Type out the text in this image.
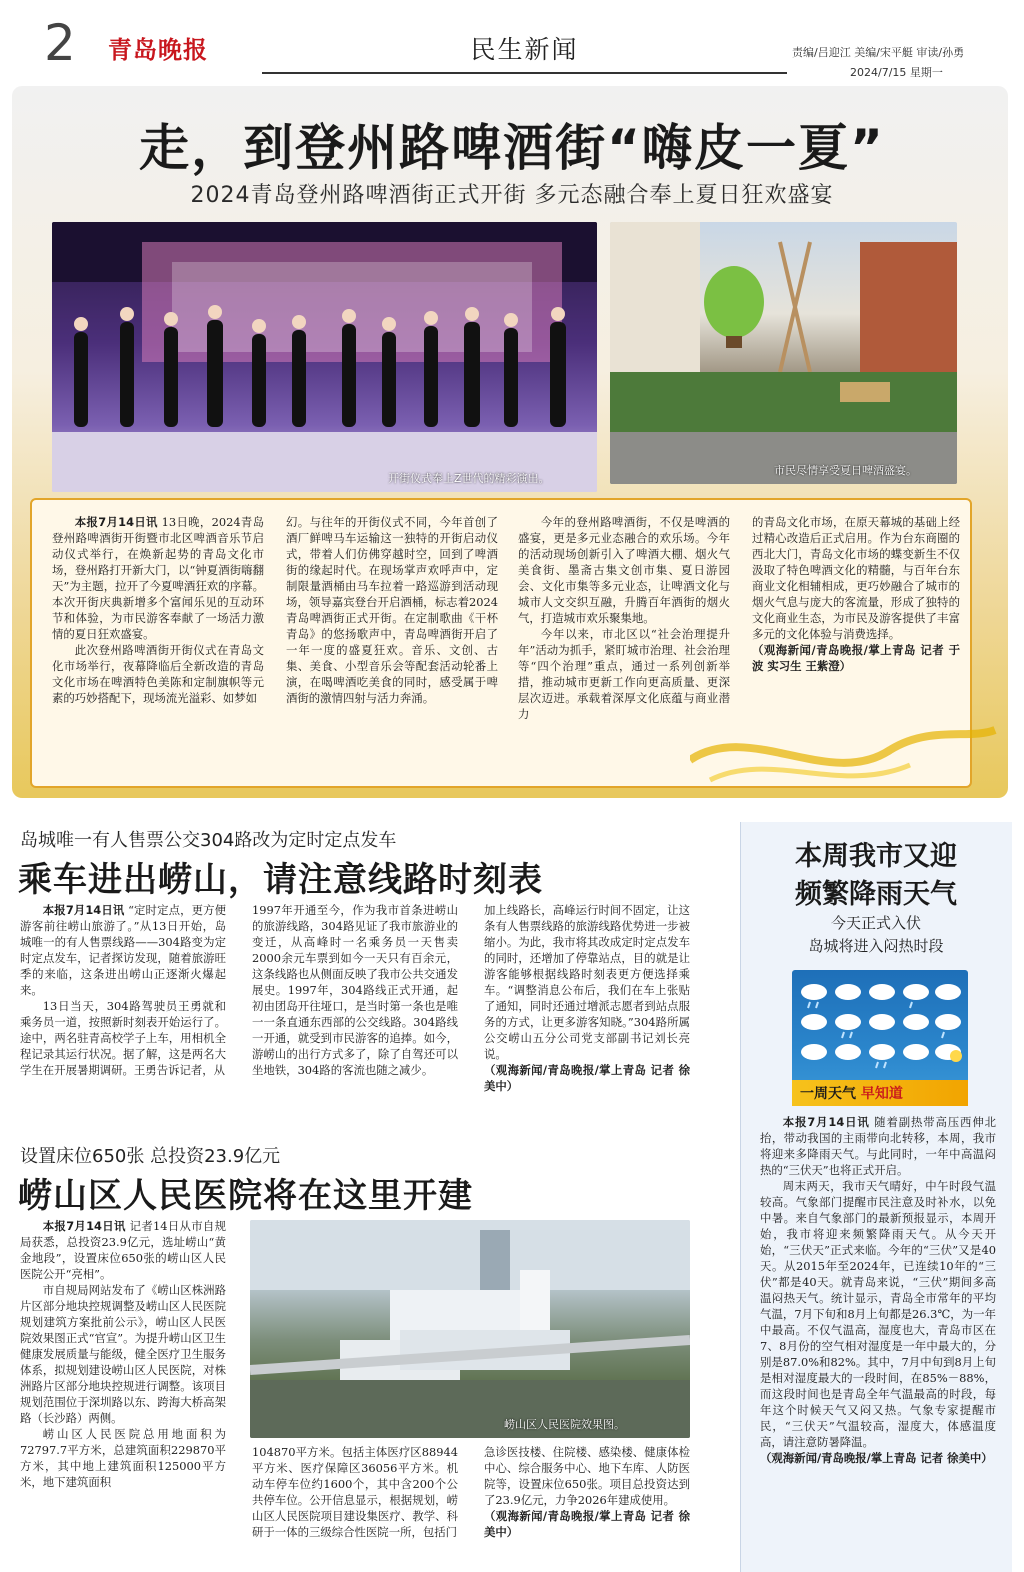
2 青岛晚报	民生新闻	责编/吕迎江 美编/宋平艇 审读/孙勇
2024/7/15 星期一
走，到登州路啤酒街“嗨皮一夏”
2024青岛登州路啤酒街正式开街 多元态融合奉上夏日狂欢盛宴
开街仪式奉上Z世代的精彩演出。
市民尽情享受夏日啤酒盛宴。

本报7月14日讯 13日晚，2024青岛登州路啤酒街开街暨市北区啤酒音乐节启动仪式举行，在焕新起势的青岛文化市场，登州路打开新大门，以“钟夏酒街嗨翻天”为主题，拉开了今夏啤酒狂欢的序幕。本次开街庆典新增多个富闻乐见的互动环节和体验，为市民游客奉献了一场活力激情的夏日狂欢盛宴。

此次登州路啤酒街开街仪式在青岛文化市场举行，夜幕降临后全新改造的青岛文化市场在啤酒特色美陈和定制旗帜等元素的巧妙搭配下，现场流光溢彩、如梦如

幻。与往年的开街仪式不同，今年首创了酒厂鲜啤马车运输这一独特的开街启动仪式，带着人们仿佛穿越时空，回到了啤酒街的缘起时代。在现场掌声欢呼声中，定制限量酒桶由马车拉着一路巡游到活动现场，领导嘉宾登台开启酒桶，标志着2024青岛啤酒街正式开街。在定制歌曲《干杯青岛》的悠扬歌声中，青岛啤酒街开启了一年一度的盛夏狂欢。音乐、文创、古集、美食、小型音乐会等配套活动轮番上演，在喝啤酒吃美食的同时，感受属于啤酒街的激情四射与活力奔涌。

今年的登州路啤酒街，不仅是啤酒的盛宴，更是多元业态融合的欢乐场。今年的活动现场创新引入了啤酒大棚、烟火气美食街、墨斋古集文创市集、夏日游园会、文化市集等多元业态，让啤酒文化与城市人文交织互融，升腾百年酒街的烟火气，打造城市欢乐聚集地。

今年以来，市北区以“社会治理提升年”活动为抓手，紧盯城市治理、社会治理等“四个治理”重点，通过一系列创新举措，推动城市更新工作向更高质量、更深层次迈进。承载着深厚文化底蕴与商业潜力

的青岛文化市场，在原天幕城的基础上经过精心改造后正式启用。作为台东商圈的西北大门，青岛文化市场的蝶变新生不仅汲取了特色啤酒文化的精髓，与百年台东商业文化相辅相成，更巧妙融合了城市的烟火气息与庞大的客流量，形成了独特的文化商业生态，为市民及游客提供了丰富多元的文化体验与消费选择。

（观海新闻/青岛晚报/掌上青岛 记者 于波 实习生 王紫澄）

岛城唯一有人售票公交304路改为定时定点发车
乘车进出崂山，请注意线路时刻表

本报7月14日讯 “定时定点，更方便游客前往崂山旅游了。”从13日开始，岛城唯一的有人售票线路——304路变为定时定点发车，记者探访发现，随着旅游旺季的来临，这条进出崂山正逐渐火爆起来。

13日当天，304路驾驶员王勇就和乘务员一道，按照新时刻表开始运行了。途中，两名驻青高校学子上车，用相机全程记录其运行状况。据了解，这是两名大学生在开展暑期调研。王勇告诉记者，从

1997年开通至今，作为我市首条进崂山的旅游线路，304路见证了我市旅游业的变迁，从高峰时一名乘务员一天售卖2000余元车票到如今一天只有百余元，这条线路也从侧面反映了我市公共交通发展史。1997年，304路线正式开通，起初由团岛开往垭口，是当时第一条也是唯一一条直通东西部的公交线路。304路线一开通，就受到市民游客的追捧。如今，游崂山的出行方式多了，除了自驾还可以坐地铁，304路的客流也随之减少。

加上线路长，高峰运行时间不固定，让这条有人售票线路的旅游线路优势进一步被缩小。为此，我市将其改成定时定点发车的同时，还增加了停靠站点，目的就是让游客能够根据线路时刻表更方便选择乘车。“调整消息公布后，我们在车上张贴了通知，同时还通过增派志愿者到站点服务的方式，让更多游客知晓。”304路所属公交崂山五分公司党支部副书记刘长亮说。

（观海新闻/青岛晚报/掌上青岛 记者 徐美中）

设置床位650张 总投资23.9亿元
崂山区人民医院将在这里开建
崂山区人民医院效果图。

本报7月14日讯 记者14日从市自规局获悉，总投资23.9亿元，选址崂山“黄金地段”，设置床位650张的崂山区人民医院公开“亮相”。

市自规局网站发布了《崂山区株洲路片区部分地块控规调整及崂山区人民医院规划建筑方案批前公示》，崂山区人民医院效果图正式“官宣”。为提升崂山区卫生健康发展质量与能级，健全医疗卫生服务体系，拟规划建设崂山区人民医院，对株洲路片区部分地块控规进行调整。该项目规划范围位于深圳路以东、跨海大桥高架路（长沙路）两侧。

崂山区人民医院总用地面积为72797.7平方米，总建筑面积229870平方米，其中地上建筑面积125000平方米，地下建筑面积

104870平方米。包括主体医疗区88944平方米、医疗保障区36056平方米。机动车停车位约1600个，其中含200个公共停车位。公开信息显示，根据规划，崂山区人民医院项目建设集医疗、教学、科研于一体的三级综合性医院一所，包括门

急诊医技楼、住院楼、感染楼、健康体检中心、综合服务中心、地下车库、人防医院等，设置床位650张。项目总投资达到了23.9亿元，力争2026年建成使用。

（观海新闻/青岛晚报/掌上青岛 记者 徐美中）

本周我市又迎
频繁降雨天气
今天正式入伏
岛城将进入闷热时段
一周天气 早知道

本报7月14日讯 随着副热带高压西伸北抬，带动我国的主雨带向北转移，本周，我市将迎来多降雨天气。与此同时，一年中高温闷热的“三伏天”也将正式开启。

周末两天，我市天气晴好，中午时段气温较高。气象部门提醒市民注意及时补水，以免中暑。来自气象部门的最新预报显示，本周开始，我市将迎来频繁降雨天气。从今天开始，“三伏天”正式来临。今年的“三伏”又是40天。从2015年至2024年，已连续10年的“三伏”都是40天。就青岛来说，“三伏”期间多高温闷热天气。统计显示，青岛全市常年的平均气温，7月下旬和8月上旬都是26.3℃，为一年中最高。不仅气温高，湿度也大，青岛市区在7、8月份的空气相对湿度是一年中最大的，分别是87.0%和82%。其中，7月中旬到8月上旬是相对湿度最大的一段时间，在85%－88%，而这段时间也是青岛全年气温最高的时段，每年这个时候天气又闷又热。气象专家提醒市民，“三伏天”气温较高，湿度大，体感温度高，请注意防暑降温。

（观海新闻/青岛晚报/掌上青岛 记者 徐美中）
